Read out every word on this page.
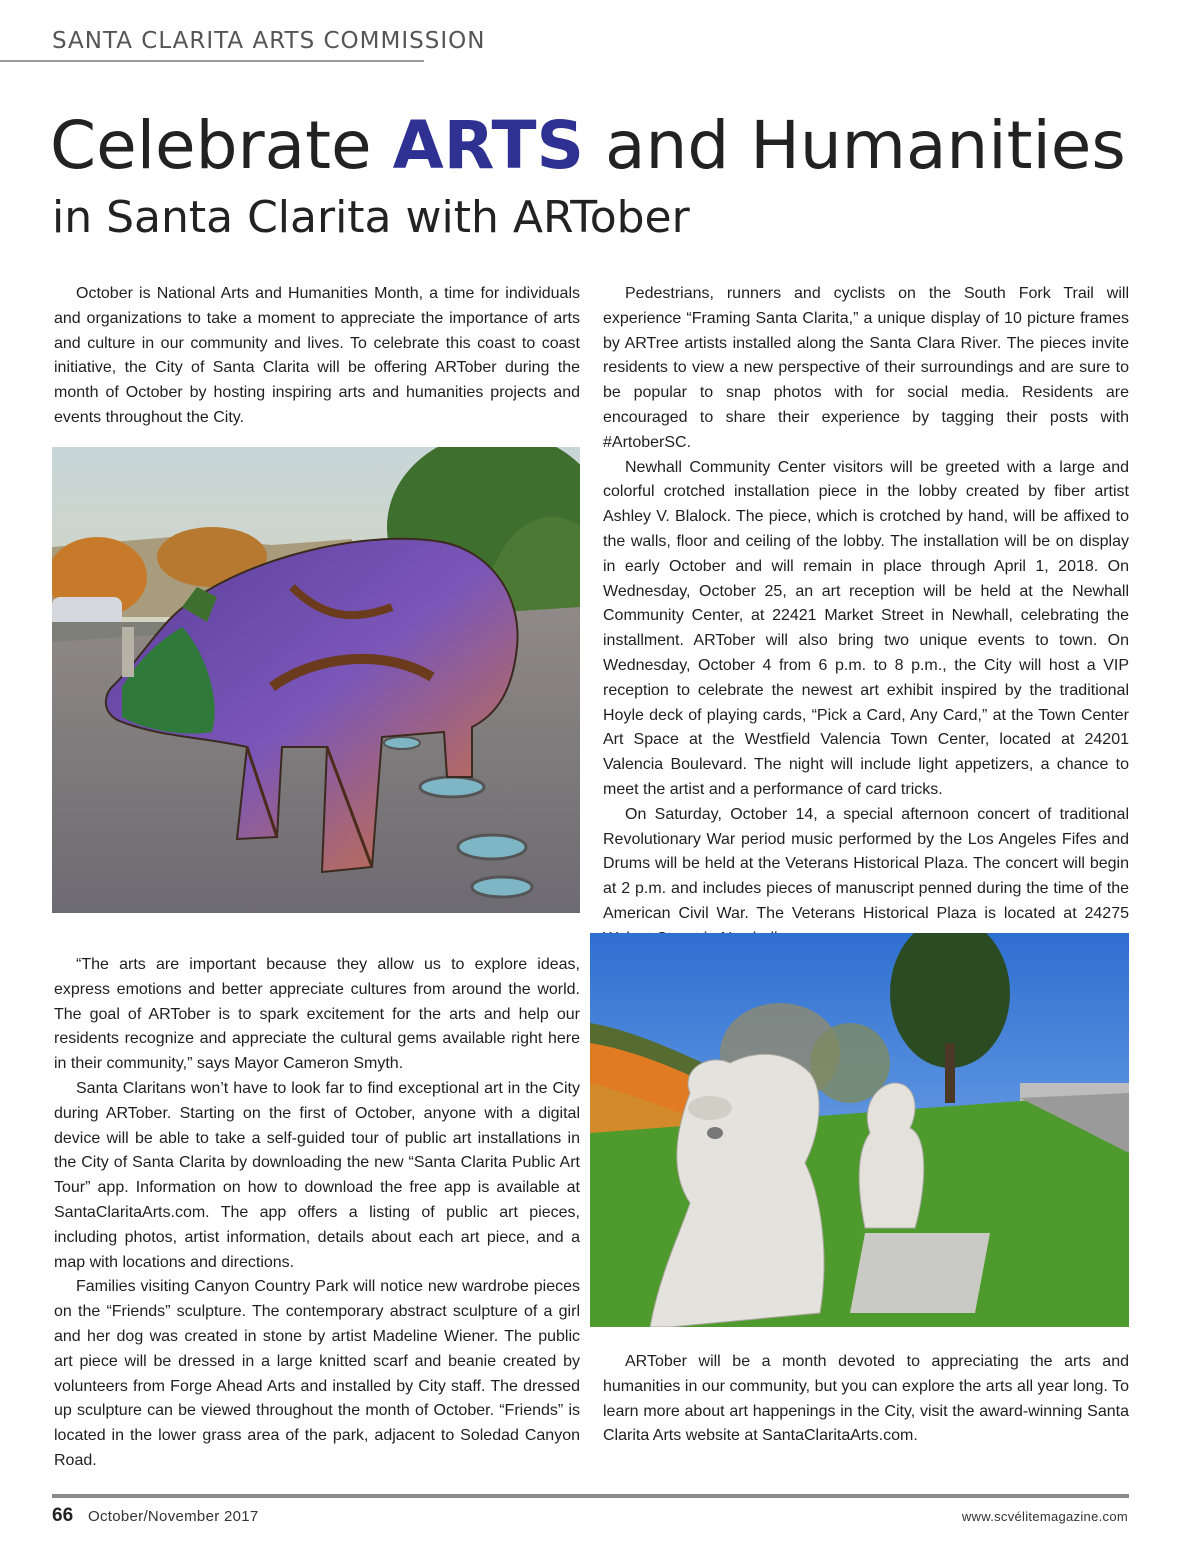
SANTA CLARITA ARTS COMMISSION
Celebrate ARTS and Humanities
in Santa Clarita with ARTober

October is National Arts and Humanities Month, a time for individuals and organizations to take a moment to appreciate the importance of arts and culture in our community and lives. To celebrate this coast to coast initiative, the City of Santa Clarita will be offering ARTober during the month of October by hosting inspiring arts and humanities projects and events throughout the City.

“The arts are important because they allow us to explore ideas, express emotions and better appreciate cultures from around the world. The goal of ARTober is to spark excitement for the arts and help our residents recognize and appreciate the cultural gems available right here in their community,” says Mayor Cameron Smyth.

Santa Claritans won’t have to look far to find exceptional art in the City during ARTober. Starting on the first of October, anyone with a digital device will be able to take a self-guided tour of public art installations in the City of Santa Clarita by downloading the new “Santa Clarita Public Art Tour” app. Information on how to download the free app is available at SantaClaritaArts.com. The app offers a listing of public art pieces, including photos, artist information, details about each art piece, and a map with locations and directions.

Families visiting Canyon Country Park will notice new wardrobe pieces on the “Friends” sculpture. The contemporary abstract sculpture of a girl and her dog was created in stone by artist Madeline Wiener. The public art piece will be dressed in a large knitted scarf and beanie created by volunteers from Forge Ahead Arts and installed by City staff. The dressed up sculpture can be viewed throughout the month of October. “Friends” is located in the lower grass area of the park, adjacent to Soledad Canyon Road.

Pedestrians, runners and cyclists on the South Fork Trail will experience “Framing Santa Clarita,” a unique display of 10 picture frames by ARTree artists installed along the Santa Clara River. The pieces invite residents to view a new perspective of their surroundings and are sure to be popular to snap photos with for social media. Residents are encouraged to share their experience by tagging their posts with #ArtoberSC.

Newhall Community Center visitors will be greeted with a large and colorful crotched installation piece in the lobby created by fiber artist Ashley V. Blalock. The piece, which is crotched by hand, will be affixed to the walls, floor and ceiling of the lobby. The installation will be on display in early October and will remain in place through April 1, 2018. On Wednesday, October 25, an art reception will be held at the Newhall Community Center, at 22421 Market Street in Newhall, celebrating the installment. ARTober will also bring two unique events to town. On Wednesday, October 4 from 6 p.m. to 8 p.m., the City will host a VIP reception to celebrate the newest art exhibit inspired by the traditional Hoyle deck of playing cards, “Pick a Card, Any Card,” at the Town Center Art Space at the Westfield Valencia Town Center, located at 24201 Valencia Boulevard. The night will include light appetizers, a chance to meet the artist and a performance of card tricks.

On Saturday, October 14, a special afternoon concert of traditional Revolutionary War period music performed by the Los Angeles Fifes and Drums will be held at the Veterans Historical Plaza. The concert will begin at 2 p.m. and includes pieces of manuscript penned during the time of the American Civil War. The Veterans Historical Plaza is located at 24275

ARTober will be a month devoted to appreciating the arts and humanities in our community, but you can explore the arts all year long. To learn more about art happenings in the City, visit the award-winning Santa Clarita Arts website at SantaClaritaArts.com.

66 October/November 2017	www.scvélitemagazine.com
